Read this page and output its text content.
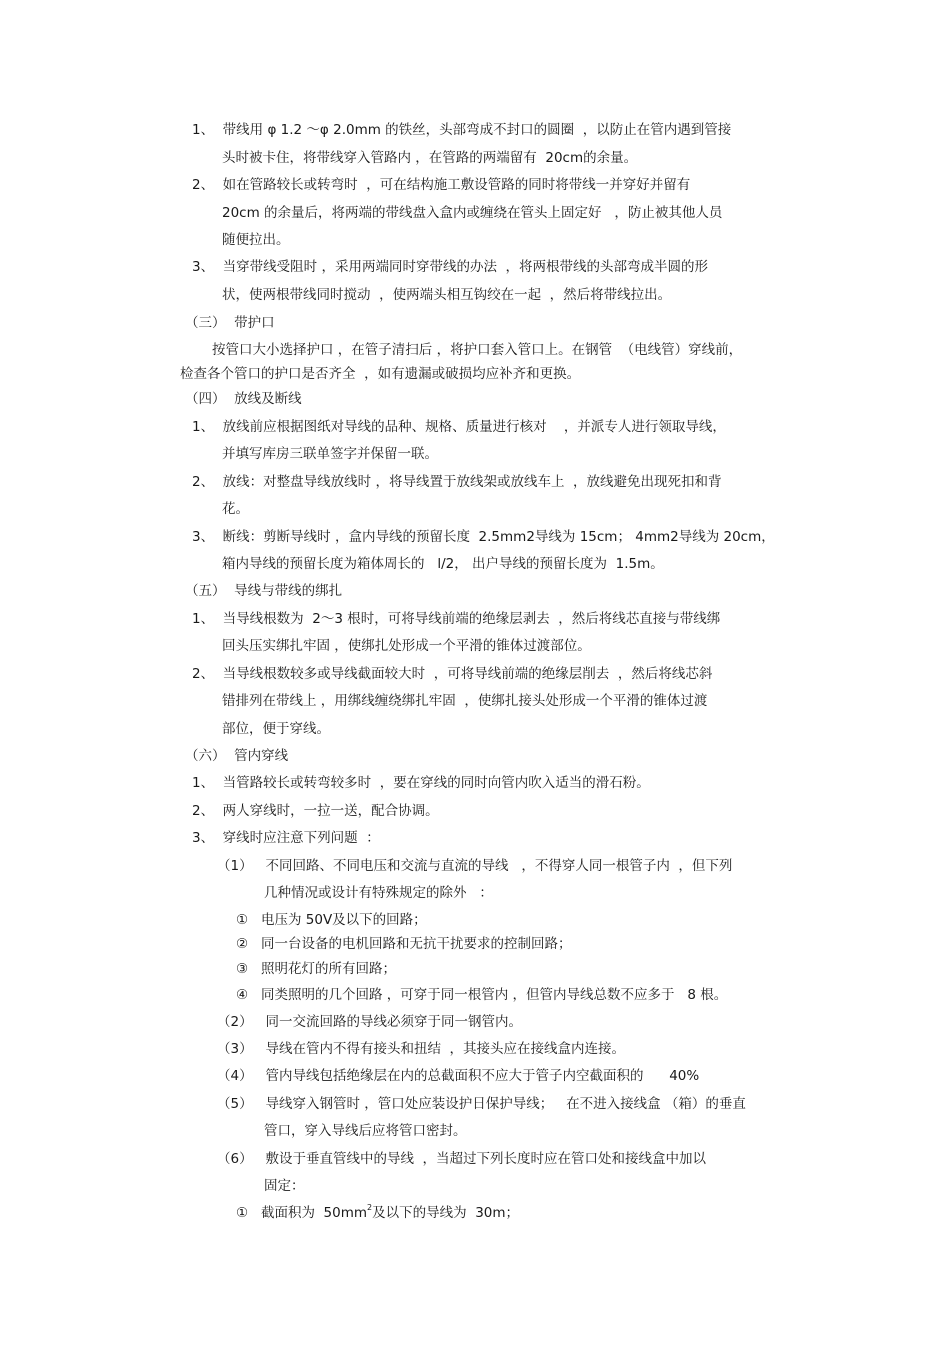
1、  带线用 φ 1.2 ～φ 2.0mm 的铁丝，头部弯成不封口的圆圈  ，以防止在管内遇到管接
头时被卡住，将带线穿入管路内 ，在管路的两端留有  20cm的余量。
2、  如在管路较长或转弯时  ，可在结构施工敷设管路的同时将带线一并穿好并留有
20cm 的余量后，将两端的带线盘入盒内或缠绕在管头上固定好   ，防止被其他人员
随便拉出。
3、  当穿带线受阻时 ，采用两端同时穿带线的办法  ，将两根带线的头部弯成半圆的形
状，使两根带线同时搅动  ，使两端头相互钩绞在一起  ，然后将带线拉出。
（三）  带护口
按管口大小选择护口 ，在管子清扫后 ，将护口套入管口上。在钢管  （电线管）穿线前，
检查各个管口的护口是否齐全  ，如有遗漏或破损均应补齐和更换。
（四）  放线及断线
1、  放线前应根据图纸对导线的品种、规格、质量进行核对    ，并派专人进行领取导线，
并填写库房三联单签字并保留一联。
2、  放线：对整盘导线放线时 ，将导线置于放线架或放线车上  ，放线避免出现死扣和背
花。
3、  断线：剪断导线时 ，盒内导线的预留长度  2.5mm2导线为 15cm； 4mm2导线为 20cm，
箱内导线的预留长度为箱体周长的   l/2， 出户导线的预留长度为  1.5m。
（五）  导线与带线的绑扎
1、  当导线根数为  2～3 根时，可将导线前端的绝缘层剥去  ，然后将线芯直接与带线绑
回头压实绑扎牢固 ，使绑扎处形成一个平滑的锥体过渡部位。
2、  当导线根数较多或导线截面较大时  ，可将导线前端的绝缘层削去  ，然后将线芯斜
错排列在带线上 ，用绑线缠绕绑扎牢固  ，使绑扎接头处形成一个平滑的锥体过渡
部位，便于穿线。
（六）  管内穿线
1、  当管路较长或转弯较多时  ，要在穿线的同时向管内吹入适当的滑石粉。
2、  两人穿线时，一拉一送，配合协调。
3、  穿线时应注意下列问题  ：
（1）   不同回路、不同电压和交流与直流的导线   ，不得穿人同一根管子内  ，但下列
几种情况或设计有特殊规定的除外   ：
①   电压为 50V及以下的回路；
②   同一台设备的电机回路和无抗干扰要求的控制回路；
③   照明花灯的所有回路；
④   同类照明的几个回路 ，可穿于同一根管内 ，但管内导线总数不应多于   8 根。
（2）   同一交流回路的导线必须穿于同一钢管内。
（3）   导线在管内不得有接头和扭结  ，其接头应在接线盒内连接。
（4）   管内导线包括绝缘层在内的总截面积不应大于管子内空截面积的      40%
（5）   导线穿入钢管时 ，管口处应装设护日保护导线；   在不进入接线盒 （箱）的垂直
管口，穿入导线后应将管口密封。
（6）   敷设于垂直管线中的导线  ，当超过下列长度时应在管口处和接线盒中加以
固定：
①   截面积为  $50mm^2$及以下的导线为  30m；
